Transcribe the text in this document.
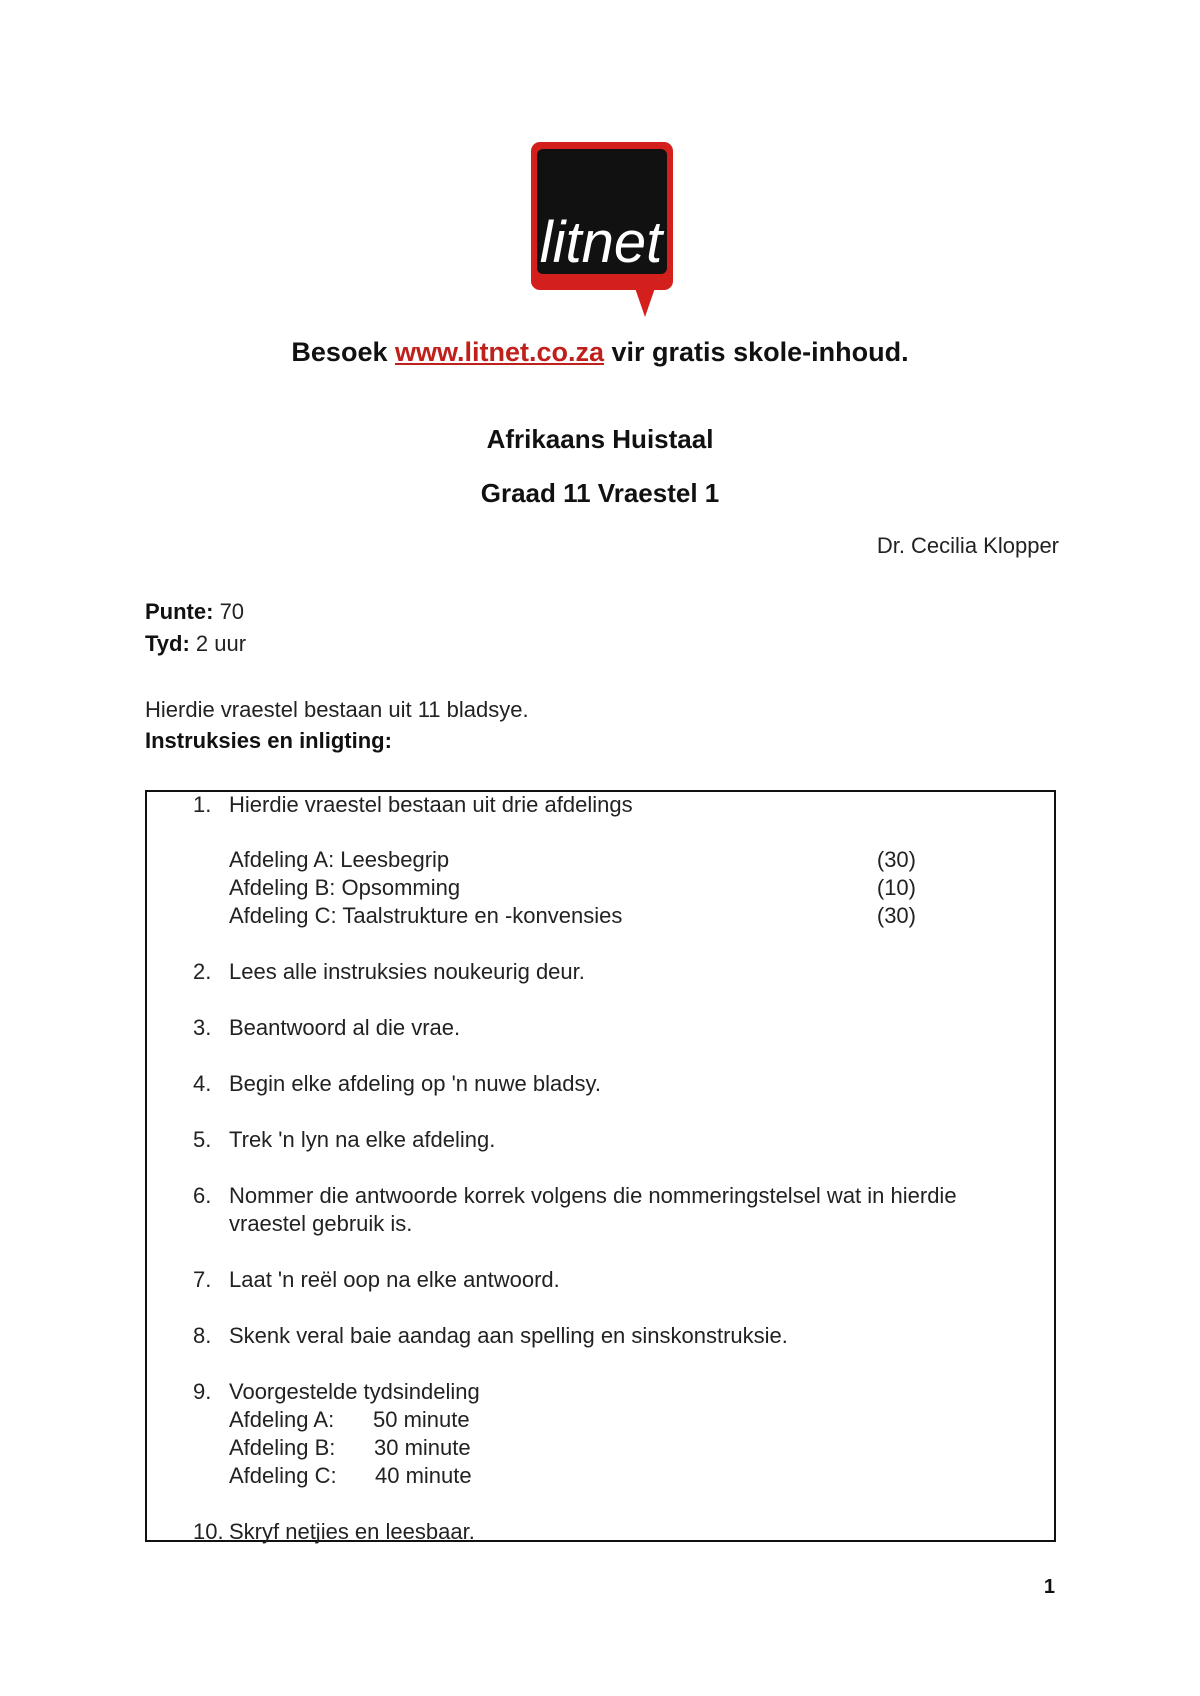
litnet
Besoek www.litnet.co.za vir gratis skole-inhoud.
Afrikaans Huistaal
Graad 11 Vraestel 1
Dr. Cecilia Klopper
Punte: 70
Tyd: 2 uur
Hierdie vraestel bestaan uit 11 bladsye.
Instruksies en inligting:
1. Hierdie vraestel bestaan uit drie afdelings
Afdeling A: Leesbegrip	(30)
Afdeling B: Opsomming	(10)
Afdeling C: Taalstrukture en -konvensies	(30)
2. Lees alle instruksies noukeurig deur.
3. Beantwoord al die vrae.
4. Begin elke afdeling op 'n nuwe bladsy.
5. Trek 'n lyn na elke afdeling.
6. Nommer die antwoorde korrek volgens die nommeringstelsel wat in hierdie
vraestel gebruik is.
7. Laat 'n reël oop na elke antwoord.
8. Skenk veral baie aandag aan spelling en sinskonstruksie.
9. Voorgestelde tydsindeling
Afdeling A: 50 minute
Afdeling B: 30 minute
Afdeling C: 40 minute
10. Skryf netjies en leesbaar.
1
